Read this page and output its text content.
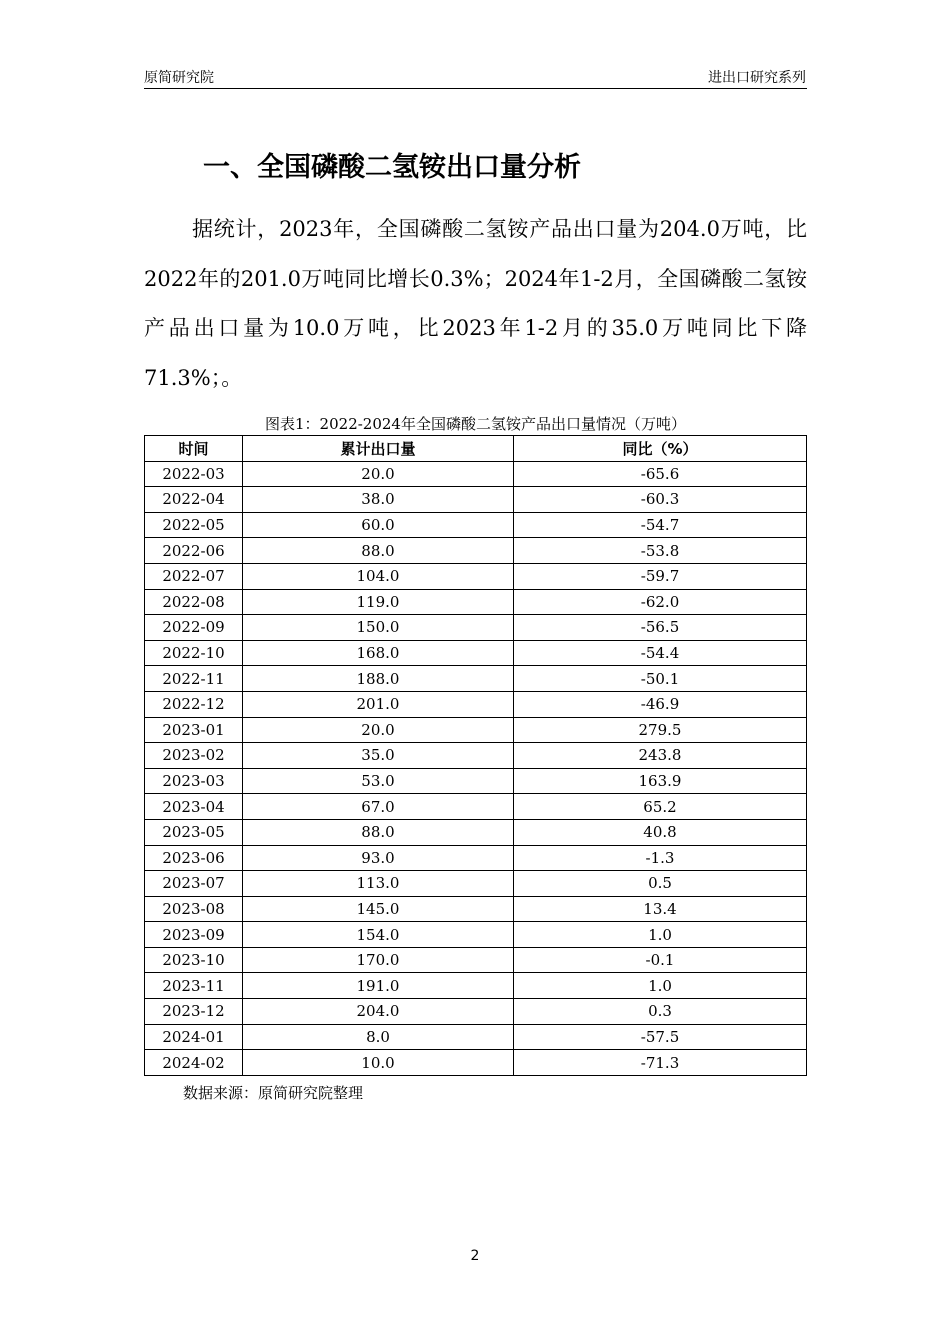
原简研究院	进出口研究系列
一、全国磷酸二氢铵出口量分析

据统计，2023年，全国磷酸二氢铵产品出口量为204.0万吨，比2022年的201.0万吨同比增长0.3%；2024年1-2月，全国磷酸二氢铵产品出口量为10.0万吨，比2023年1-2月的35.0万吨同比下降71.3%；。

图表1：2022-2024年全国磷酸二氢铵产品出口量情况（万吨）
时间	累计出口量	同比（%）
2022-03	20.0	-65.6
2022-04	38.0	-60.3
2022-05	60.0	-54.7
2022-06	88.0	-53.8
2022-07	104.0	-59.7
2022-08	119.0	-62.0
2022-09	150.0	-56.5
2022-10	168.0	-54.4
2022-11	188.0	-50.1
2022-12	201.0	-46.9
2023-01	20.0	279.5
2023-02	35.0	243.8
2023-03	53.0	163.9
2023-04	67.0	65.2
2023-05	88.0	40.8
2023-06	93.0	-1.3
2023-07	113.0	0.5
2023-08	145.0	13.4
2023-09	154.0	1.0
2023-10	170.0	-0.1
2023-11	191.0	1.0
2023-12	204.0	0.3
2024-01	8.0	-57.5
2024-02	10.0	-71.3
数据来源：原简研究院整理
2
